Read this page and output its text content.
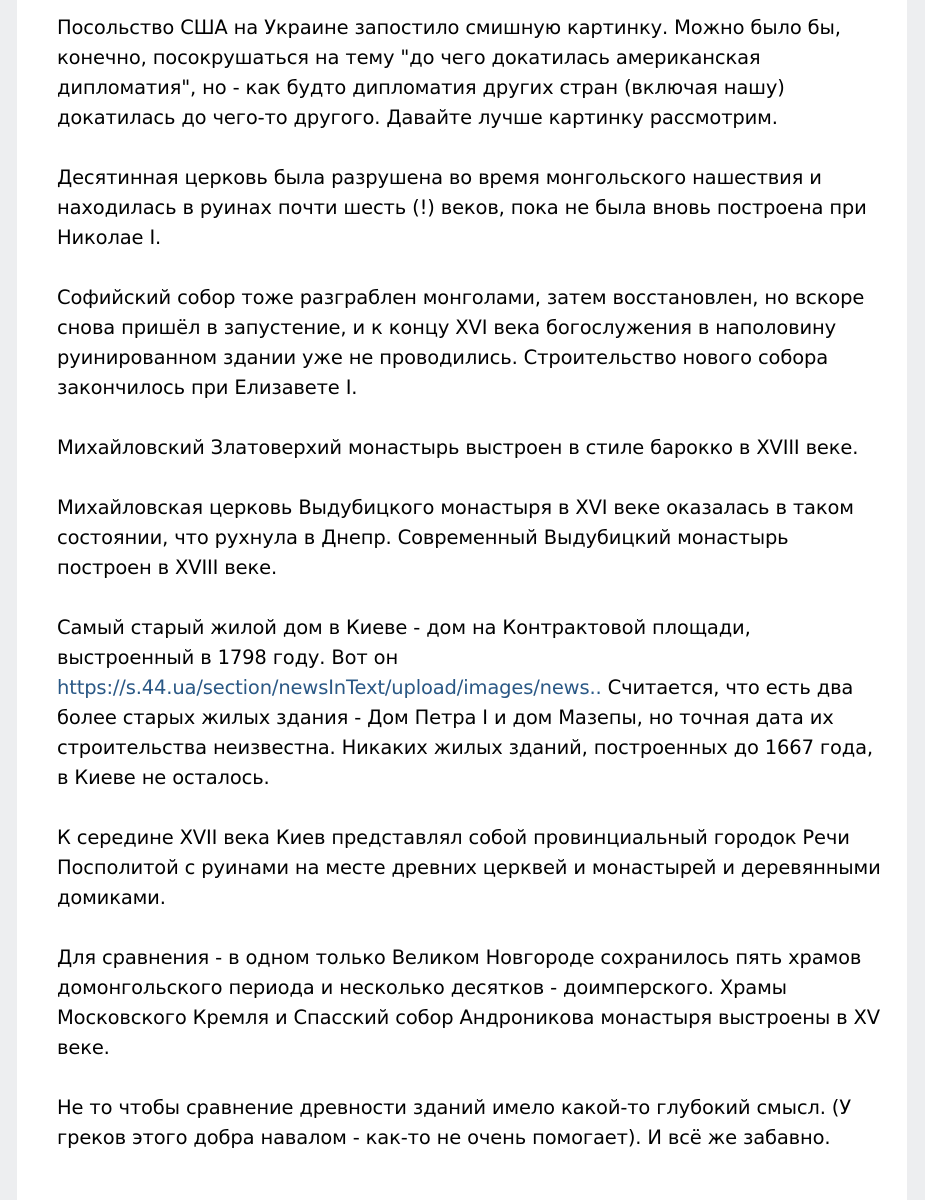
Посольство США на Украине запостило смишную картинку. Можно было бы, конечно, посокрушаться на тему "до чего докатилась американская дипломатия", но - как будто дипломатия других стран (включая нашу) докатилась до чего-то другого. Давайте лучше картинку рассмотрим.

Десятинная церковь была разрушена во время монгольского нашествия и находилась в руинах почти шесть (!) веков, пока не была вновь построена при Николае I.

Софийский собор тоже разграблен монголами, затем восстановлен, но вскоре снова пришёл в запустение, и к концу XVI века богослужения в наполовину руинированном здании уже не проводились. Строительство нового собора закончилось при Елизавете I.

Михайловский Златоверхий монастырь выстроен в стиле барокко в XVIII веке.

Михайловская церковь Выдубицкого монастыря в XVI веке оказалась в таком состоянии, что рухнула в Днепр. Современный Выдубицкий монастырь построен в XVIII веке.

Самый старый жилой дом в Киеве - дом на Контрактовой площади, выстроенный в 1798 году. Вот он https://s.44.ua/section/newsInText/upload/images/news.. Считается, что есть два более старых жилых здания - Дом Петра I и дом Мазепы, но точная дата их строительства неизвестна. Никаких жилых зданий, построенных до 1667 года, в Киеве не осталось.

К середине XVII века Киев представлял собой провинциальный городок Речи Посполитой с руинами на месте древних церквей и монастырей и деревянными домиками.

Для сравнения - в одном только Великом Новгороде сохранилось пять храмов домонгольского периода и несколько десятков - доимперского. Храмы Московского Кремля и Спасский собор Андроникова монастыря выстроены в XV веке.

Не то чтобы сравнение древности зданий имело какой-то глубокий смысл. (У греков этого добра навалом - как-то не очень помогает). И всё же забавно.
